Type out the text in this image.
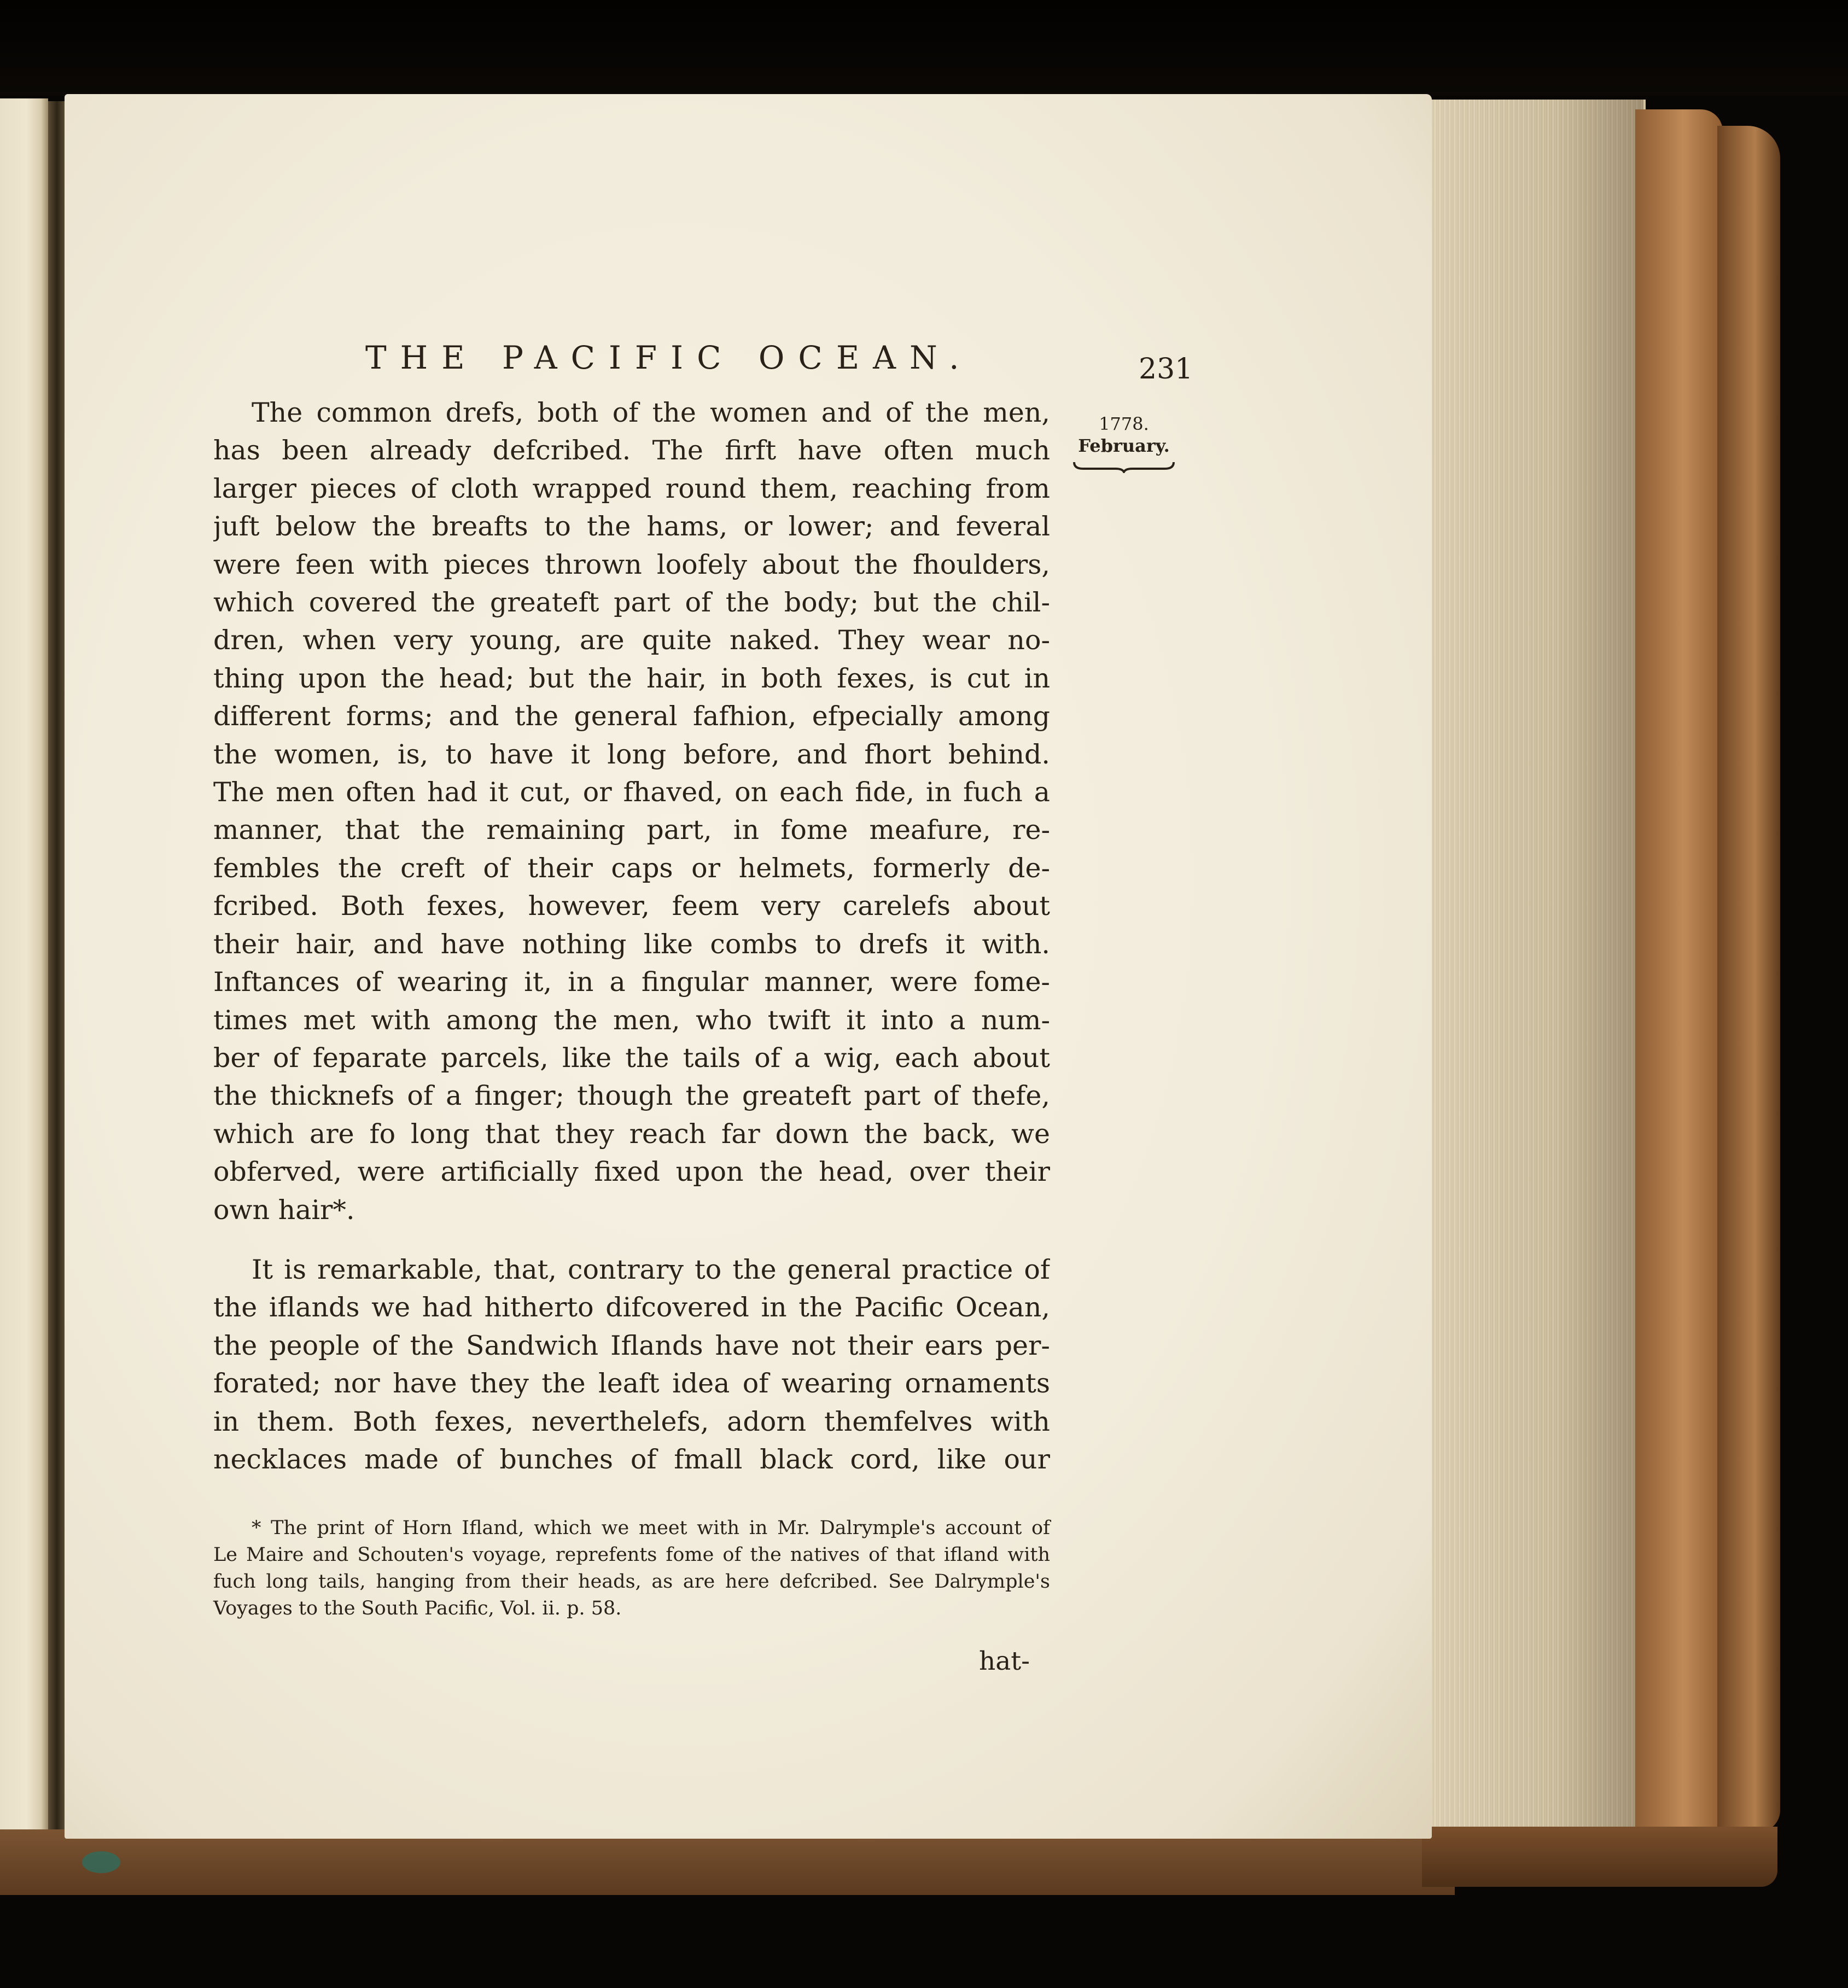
THE PACIFIC OCEAN.	231
1778.
February.
The common drefs, both of the women and of the men,
has been already defcribed. The firft have often much
larger pieces of cloth wrapped round them, reaching from
juft below the breafts to the hams, or lower; and feveral
were feen with pieces thrown loofely about the fhoulders,
which covered the greateft part of the body; but the chil-
dren, when very young, are quite naked. They wear no-
thing upon the head; but the hair, in both fexes, is cut in
different forms; and the general fafhion, efpecially among
the women, is, to have it long before, and fhort behind.
The men often had it cut, or fhaved, on each fide, in fuch a
manner, that the remaining part, in fome meafure, re-
fembles the creft of their caps or helmets, formerly de-
fcribed. Both fexes, however, feem very carelefs about
their hair, and have nothing like combs to drefs it with.
Inftances of wearing it, in a fingular manner, were fome-
times met with among the men, who twift it into a num-
ber of feparate parcels, like the tails of a wig, each about
the thicknefs of a finger; though the greateft part of thefe,
which are fo long that they reach far down the back, we
obferved, were artificially fixed upon the head, over their
own hair*.
It is remarkable, that, contrary to the general practice of
the iflands we had hitherto difcovered in the Pacific Ocean,
the people of the Sandwich Iflands have not their ears per-
forated; nor have they the leaft idea of wearing ornaments
in them. Both fexes, neverthelefs, adorn themfelves with
necklaces made of bunches of fmall black cord, like our
* The print of Horn Ifland, which we meet with in Mr. Dalrymple's account of
Le Maire and Schouten's voyage, reprefents fome of the natives of that ifland with
fuch long tails, hanging from their heads, as are here defcribed. See Dalrymple's
Voyages to the South Pacific, Vol. ii. p. 58.
hat-
